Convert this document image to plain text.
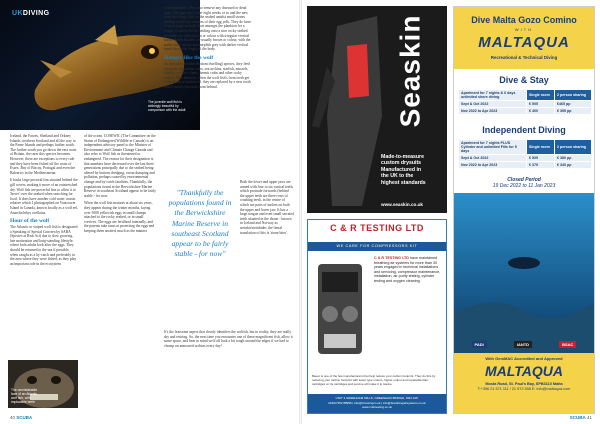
UKDIVING
The juvenile wolf fish is strikingly beautiful by comparison with the adult

Iceland, the Faroes, Shetland and Orkney Islands, northern Scotland and all the way to the Farne Islands and perhaps further south. The further south you go down the east coast of Britain, the rarer this species becomes. However, there are exceptions to every rule and they have been fished off the coast of Essex, Bay of Biscay, Portugal and even the Balearics in the Mediterranean.

It basks large pectoral fins situated behind the gill covers, making it more of an outstretched dry. Wolf fish are powerful fins to allow it to 'hover' over the seabed when searching for food. It does have another cold water cousin relative which I photographed on Vancouver Island in Canada, known locally as a wolf eel, Anarrhichthys ocellatus.

Hour of the wolf

The Atlantic or striped wolf fish is designated a Speaking of Special Concern by SARA (Species at Risk Act) due to slow growing, late maturation and long-standing lifestyle, where both adults look after the eggs. They should be returned to the sea if possible, when caught as a by-catch and preferably in the area where they were fished, as they play an important role in the ecosystem

The unmistakable face of an Atlantic wolf fish, with implacable teeth

of the ocean. COSEWIC (The Committee on the Status of Endangered Wildlife in Canada) is an independent advisory panel to the Minister of Environment and Climate Change Canada and also refer to Wolf fish as threatened or endangered. The reason for their designation is that numbers have decreased over the last three generations principally due to the seabed being altered by bottom dredging, ocean dumping and pollution, perhaps caused by environmental change and by-catch fatalities. Thankfully, the populations found in the Berwickshire Marine Reserve in southeast Scotland appear to be fairly stable - for now.

When the wolf fish matures at about six years, they appear during the winter months, laying over 5000 yellowish eggs in small clumps attached to the rocky seabed, or in small crevices. The eggs are fertilized internally, and the parents take turns at protecting the eggs and keeping them aerated, much as the manner

"Thankfully the populations found in the Berwickshire Marine Reserve in southeast Scotland appear to be fairly stable - for now"

of lumpsuckers. They also remove any diseased or dead eggs. The eggs hatch after eight weeks or so and the new born hatchlings hide on the seabed amidst small stones feeding on the last remains of their egg yolk. They do have a larval stage and will float amongst the plankton for a couple of weeks before settling onto a nice rocky seabed. Juveniles are olive brown or colour with irregular vertical bands. Adult females are usually brown or colour, with the males more stocky and purplish grey with darker vertical bands down the length of the body.

Hungry like the wolf

As they are a benthic (bottom dwelling) species, they feed primarily on various crabs, sea urchins, starfish, mussels, whelks, cockles, clams, hermit crabs and other rocky critters. Like blennies, when the wolf fish's front teeth get worn down or broken off, they are replaced by a new tooth which moves forwards from behind.

Both the lower and upper jaws are armed with four to six conical teeth, which protrude forwards (behind the upper teeth are three rows of crushing teeth, in the centre of which are pairs of molars on both the upper and lower jaw. It has a large tongue and even small serrated teeth situated in the throat - known in Iceland and Norway as steinbit/steinbider, the literal translation of this is 'stone biter'.

It's the fearsome aspect that clearly identifies the wolfish, but in reality, they are really shy and retiring. So, the next time you encounter one of these magnificent fish, allow it some space, and bear in mind we'd all look a bit rough around the edges if we had to chomp on armoured urchins every day!

40 SCUBA
Seaskin
Made-to-measure
custom drysuits
Manufactured in
the UK to the
highest standards
www.seaskin.co.uk
C & R TESTING LTD
WE CARE FOR COMPRESSORS KIT
C & R TESTING LTD have maintained breathing air systems for more than 30 years engaged in technical installations and servicing, compressor maintenance, installation, air purity testing, cylinder testing and oxygen cleaning.
Bauer is one of the few manufacturers that help reduce your carbon footprint. They do this by reducing your carbon footprint with lower type motors, higher output and repairable filter cartridges on its cartridges and service will make it to twelve.
UNIT 3 GREENHAM MILLS, GREENHAM BRIDGE, NR4 1AP
01603 552 88996 | info@crtestingco.uk | info@breathingairsystems.co.uk
www.crairtesting.co.uk
Dive Malta Gozo Comino
WITH
MALTAQUA
Recreational & Technical Diving
Dive & Stay
Apartment for 7 nights & 6 days unlimited shore diving	Single room	2 person sharing
Sept & Oct 2022	€ 505	€465 pp
Nov 2022 to Apr 2023	€ 400	€ 395 pp
Independent Diving
Apartment for 7 nights PLUS Cylinder and unlimited Fills for 5 days	Single room	2 person sharing
Sept & Oct 2022	€ 505	€ 380 pp
Nov 2022 to Apr 2023	€ 375	€ 340 pp
Closed Period
19 Dec 2022 to 11 Jan 2023
PADI	IANTD	BSAC
With GemMAC Accredited and Approved
MALTAQUA
Mosta Road, St. Paul's Bay, SPB3110 Malta
T:+356 21 571 111 / 21 572 558 E: info@maltaqua.com
SCUBA 41
